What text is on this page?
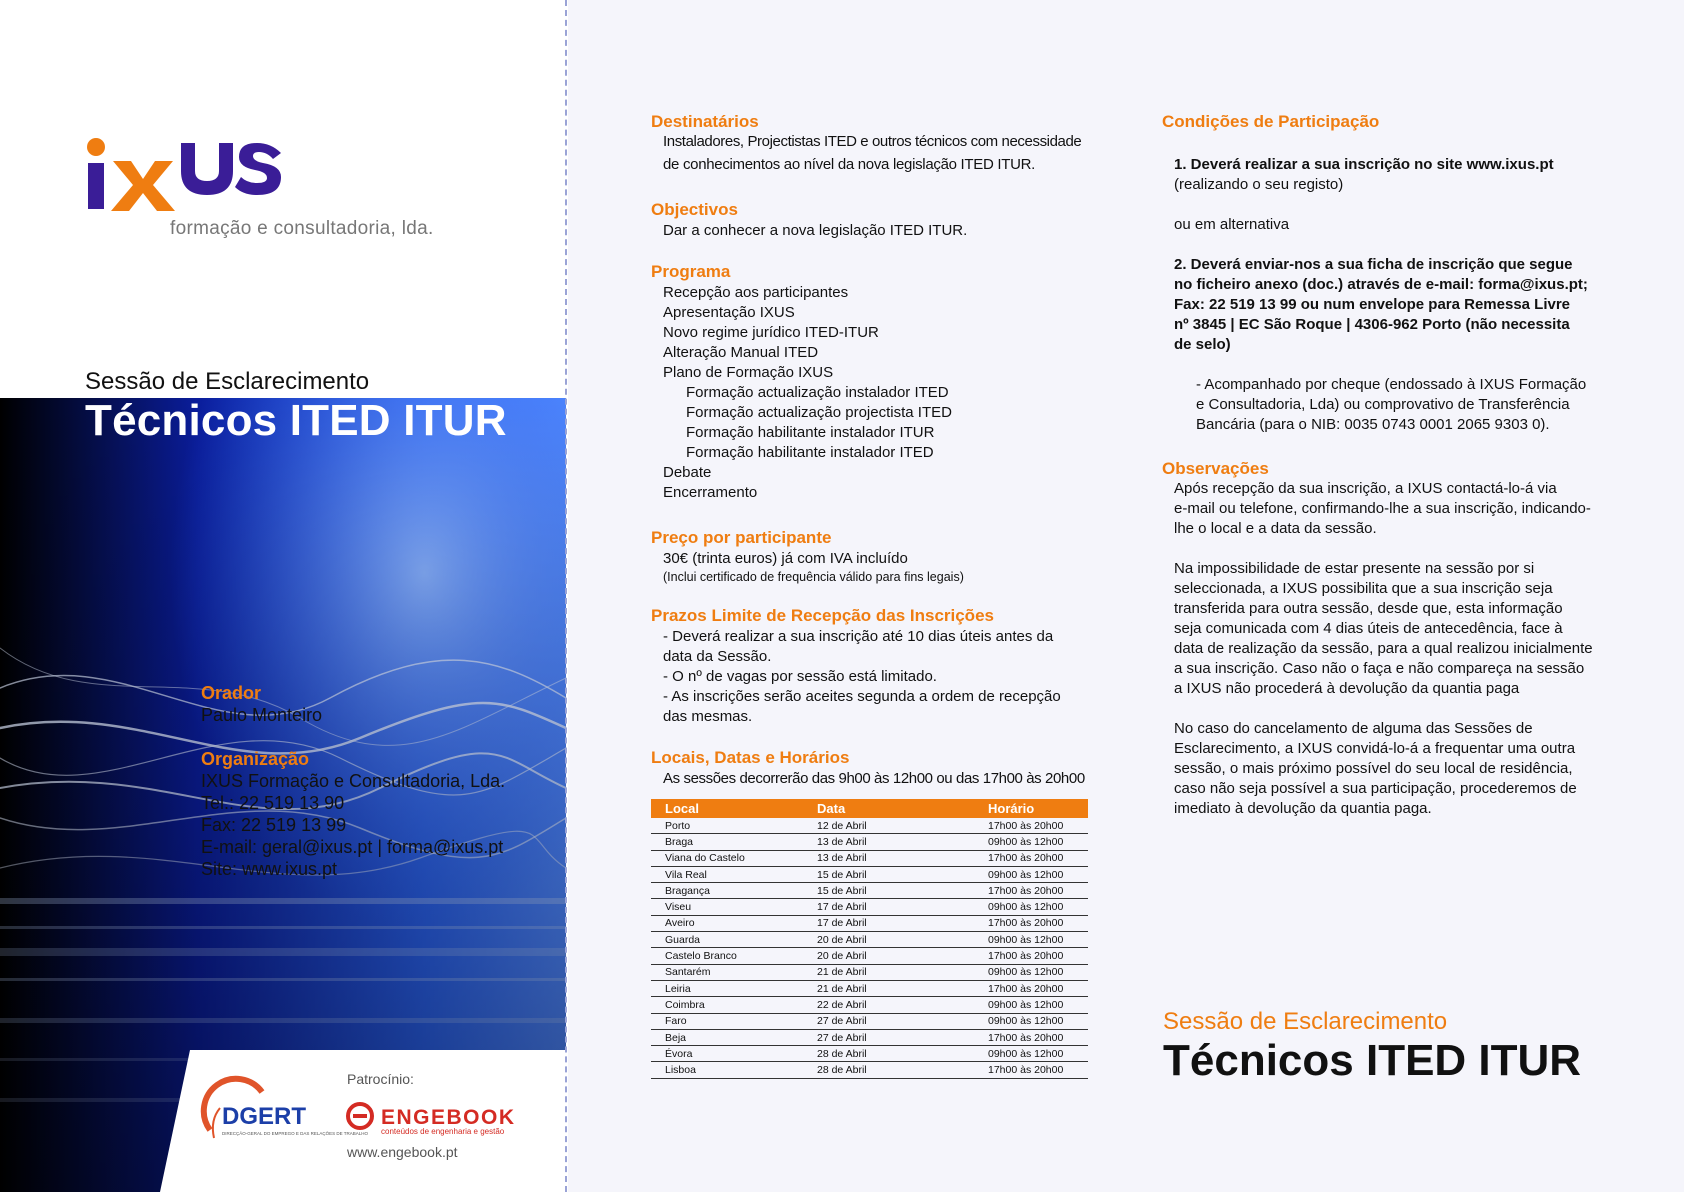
formação e consultadoria, lda.
Sessão de Esclarecimento
Técnicos ITED ITUR
Orador
Paulo Monteiro
Organização
IXUS Formação e Consultadoria, Lda.
Tel.: 22 519 13 90
Fax: 22 519 13 99
E-mail: geral@ixus.pt | forma@ixus.pt
Site: www.ixus.pt
Patrocínio:
DGERT
DIRECÇÃO-GERAL DO EMPREGO E DAS RELAÇÕES DE TRABALHO
ENGEBOOK
conteúdos de engenharia e gestão
www.engebook.pt
Destinatários
Instaladores, Projectistas ITED e outros técnicos com necessidade
de conhecimentos ao nível da nova legislação ITED ITUR.
Objectivos
Dar a conhecer a nova legislação ITED ITUR.
Programa
Recepção aos participantes
Apresentação IXUS
Novo regime jurídico ITED-ITUR
Alteração Manual ITED
Plano de Formação IXUS
Formação actualização instalador ITED
Formação actualização projectista ITED
Formação habilitante instalador ITUR
Formação habilitante instalador ITED
Debate
Encerramento
Preço por participante
30€ (trinta euros) já com IVA incluído
(Inclui certificado de frequência válido para fins legais)
Prazos Limite de Recepção das Inscrições
- Deverá realizar a sua inscrição até 10 dias úteis antes da
data da Sessão.
- O nº de vagas por sessão está limitado.
- As inscrições serão aceites segunda a ordem de recepção
das mesmas.
Locais, Datas e Horários
As sessões decorrerão das 9h00 às 12h00 ou das 17h00 às 20h00
Local	Data	Horário
Porto	12 de Abril	17h00 às 20h00
Braga	13 de Abril	09h00 às 12h00
Viana do Castelo	13 de Abril	17h00 às 20h00
Vila Real	15 de Abril	09h00 às 12h00
Bragança	15 de Abril	17h00 às 20h00
Viseu	17 de Abril	09h00 às 12h00
Aveiro	17 de Abril	17h00 às 20h00
Guarda	20 de Abril	09h00 às 12h00
Castelo Branco	20 de Abril	17h00 às 20h00
Santarém	21 de Abril	09h00 às 12h00
Leiria	21 de Abril	17h00 às 20h00
Coimbra	22 de Abril	09h00 às 12h00
Faro	27 de Abril	09h00 às 12h00
Beja	27 de Abril	17h00 às 20h00
Évora	28 de Abril	09h00 às 12h00
Lisboa	28 de Abril	17h00 às 20h00
Condições de Participação
1. Deverá realizar a sua inscrição no site www.ixus.pt
(realizando o seu registo)
ou em alternativa
2. Deverá enviar-nos a sua ficha de inscrição que segue
no ficheiro anexo (doc.) através de e-mail: forma@ixus.pt;
Fax: 22 519 13 99 ou num envelope para Remessa Livre
nº 3845 | EC São Roque | 4306-962 Porto (não necessita
de selo)
- Acompanhado por cheque (endossado à IXUS Formação
e Consultadoria, Lda) ou comprovativo de Transferência
Bancária (para o NIB: 0035 0743 0001 2065 9303 0).
Observações
Após recepção da sua inscrição, a IXUS contactá-lo-á via
e-mail ou telefone, confirmando-lhe a sua inscrição, indicando-
lhe o local e a data da sessão.
Na impossibilidade de estar presente na sessão por si
seleccionada, a IXUS possibilita que a sua inscrição seja
transferida para outra sessão, desde que, esta informação
seja comunicada com 4 dias úteis de antecedência, face à
data de realização da sessão, para a qual realizou inicialmente
a sua inscrição. Caso não o faça e não compareça na sessão
a IXUS não procederá à devolução da quantia paga
No caso do cancelamento de alguma das Sessões de
Esclarecimento, a IXUS convidá-lo-á a frequentar uma outra
sessão, o mais próximo possível do seu local de residência,
caso não seja possível a sua participação, procederemos de
imediato à devolução da quantia paga.
Sessão de Esclarecimento
Técnicos ITED ITUR
